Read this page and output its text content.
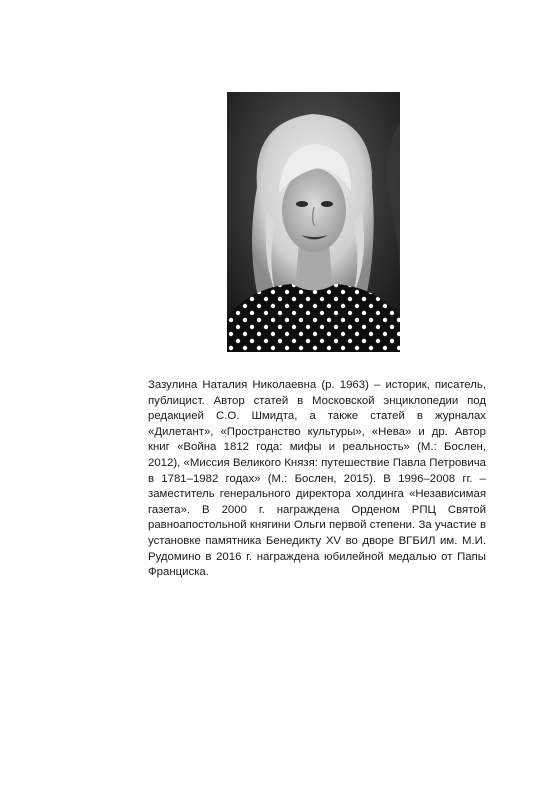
Зазулина Наталия Николаевна (р. 1963) – историк, писатель, публицист. Автор статей в Московской энциклопедии под редакцией С.О. Шмидта, а также статей в журналах «Дилетант», «Пространство культуры», «Нева» и др. Автор книг «Война 1812 года: мифы и реальность» (М.: Бослен, 2012), «Миссия Великого Князя: путешествие Павла Петровича в 1781–1982 годах» (М.: Бослен, 2015). В 1996–2008 гг. – заместитель генерального директора холдинга «Независимая газета». В 2000 г. награждена Орденом РПЦ Святой равноапостольной княгини Ольги первой степени. За участие в установке памятника Бенедикту XV во дворе ВГБИЛ им. М.И. Рудомино в 2016 г. награждена юбилейной медалью от Папы Франциска.
